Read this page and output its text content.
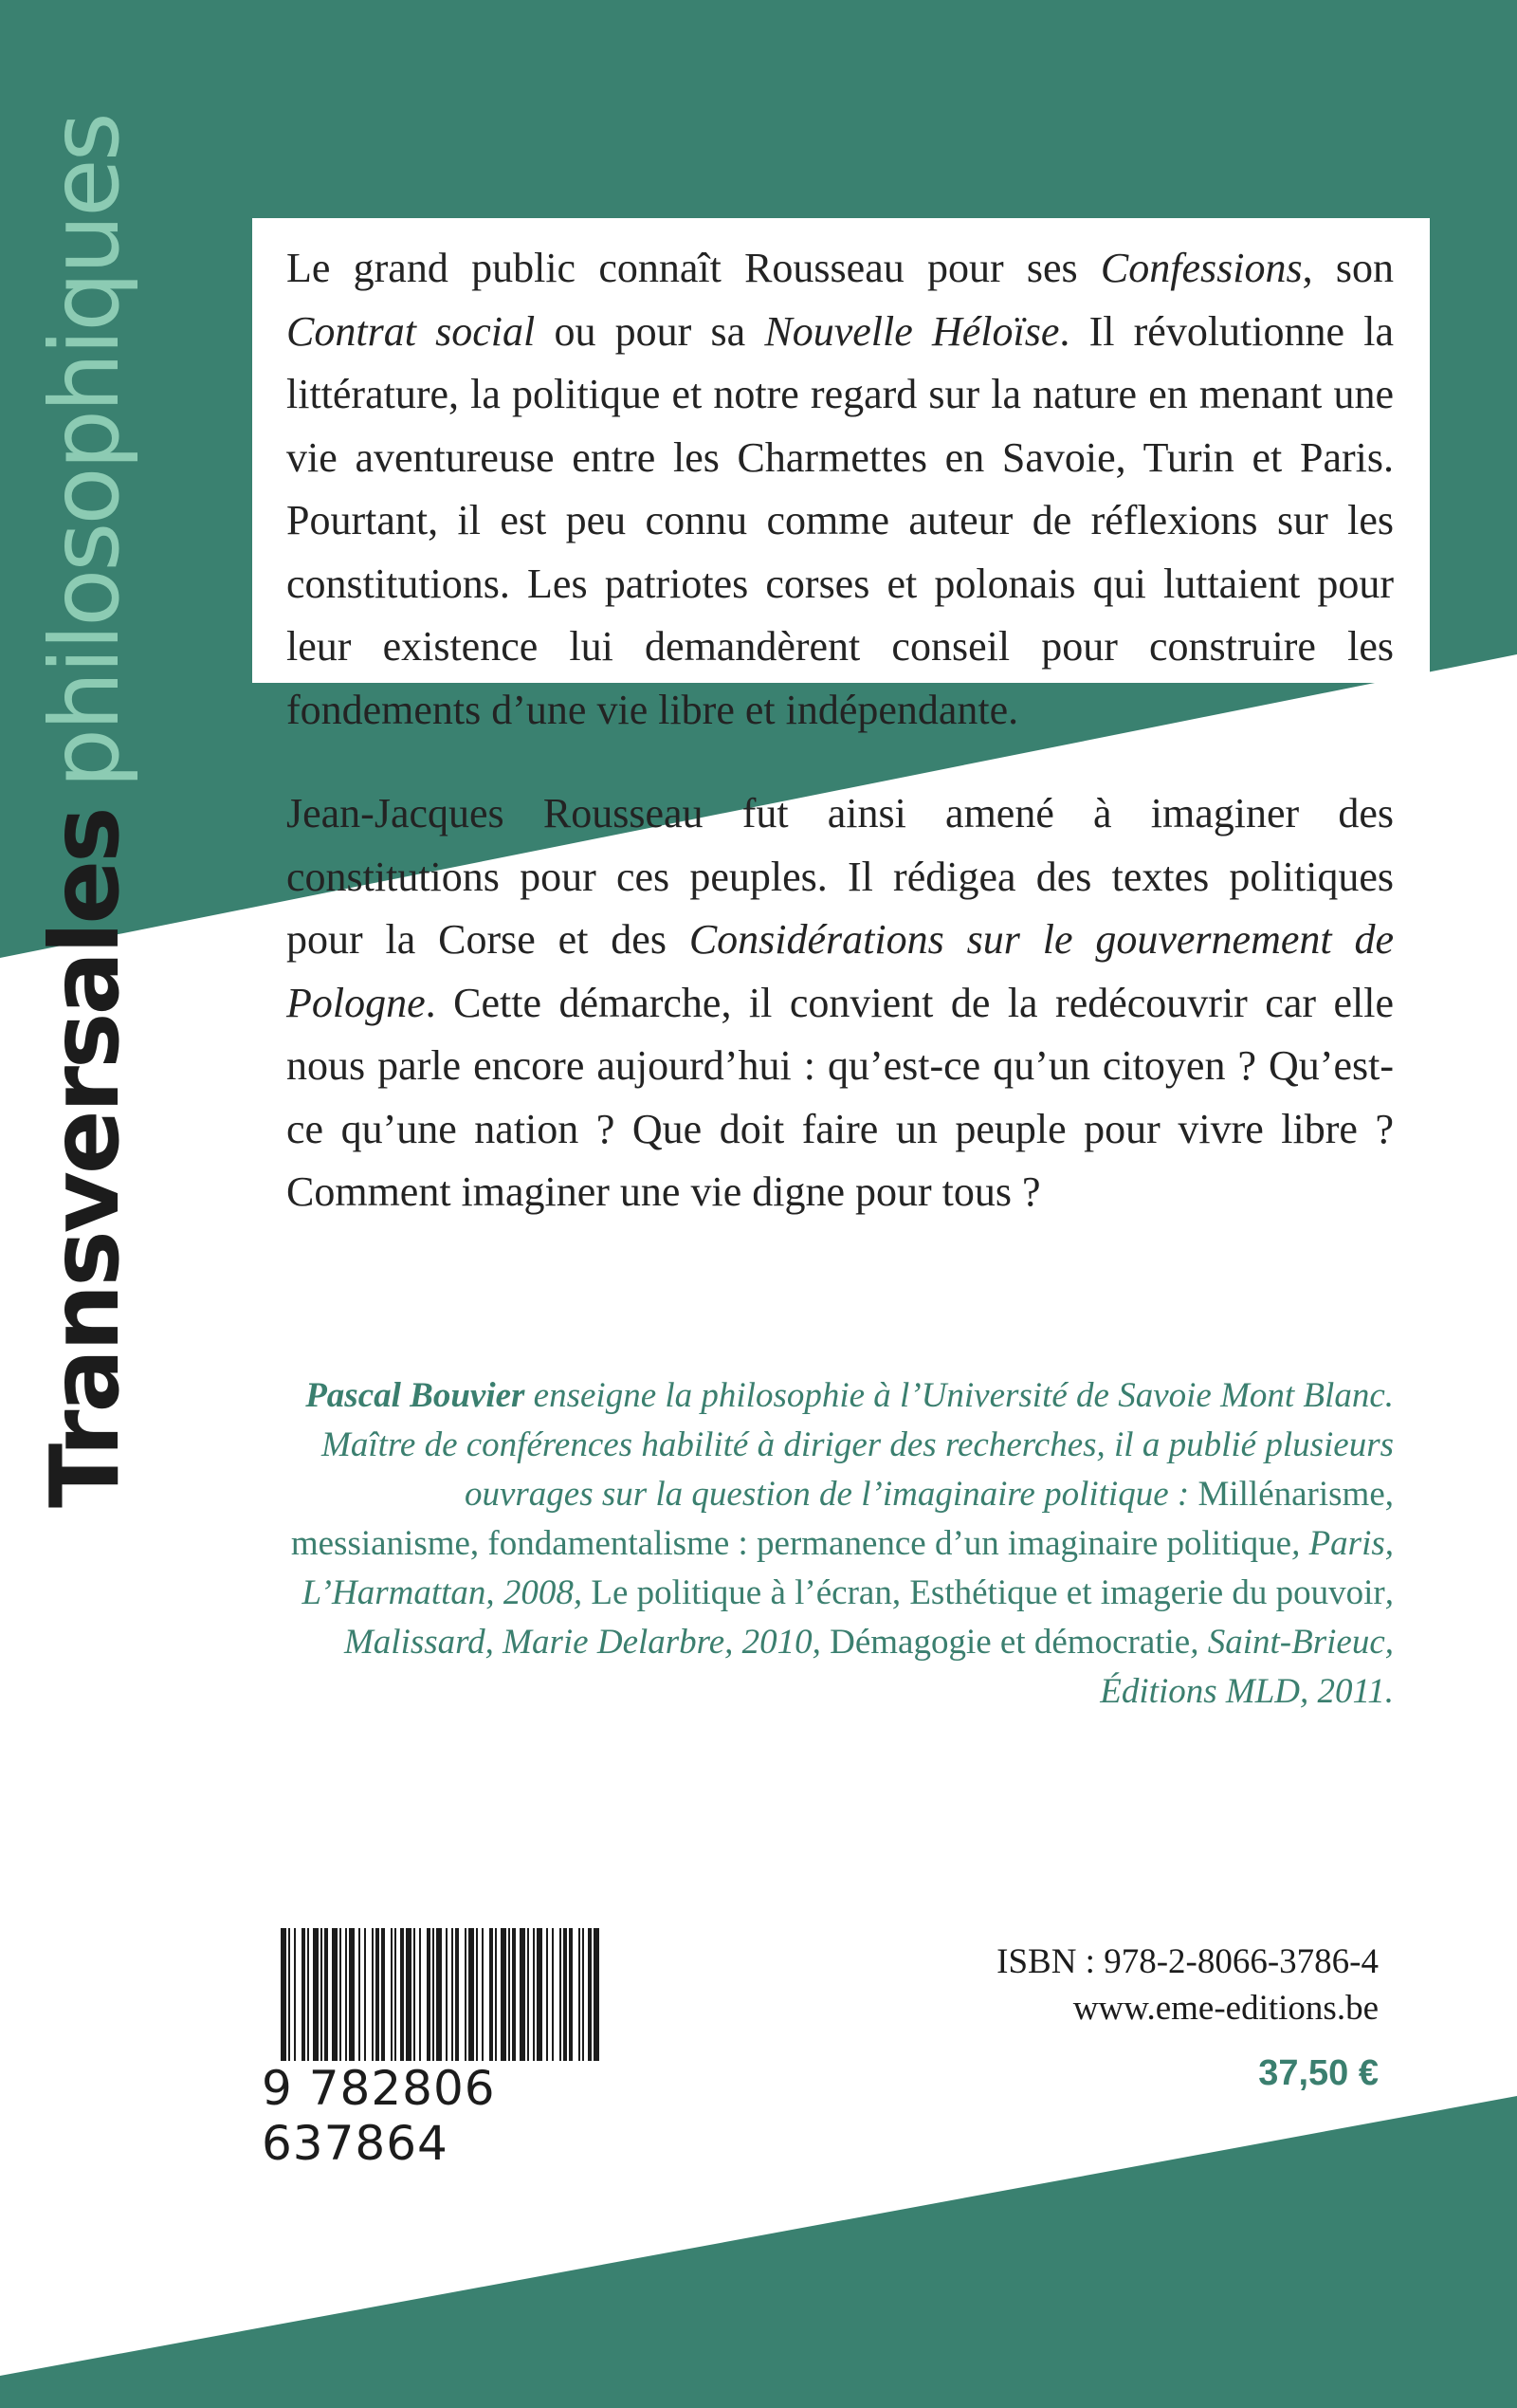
Transversalesphilosophiques	Le grand public connaît Rousseau pour ses Confessions, son Contrat social ou pour sa Nouvelle Héloïse. Il révolutionne la littérature, la politique et notre regard sur la nature en menant une vie aventureuse entre les Charmettes en Savoie, Turin et Paris. Pourtant, il est peu connu comme auteur de réflexions sur les constitutions. Les patriotes corses et polonais qui luttaient pour leur existence lui demandèrent conseil pour construire les fondements d’une vie libre et indépendante.

Jean-Jacques Rousseau fut ainsi amené à imaginer des constitutions pour ces peuples. Il rédigea des textes politiques pour la Corse et des Considérations sur le gouvernement de Pologne. Cette démarche, il convient de la redécouvrir car elle nous parle encore aujourd’hui : qu’est-ce qu’un citoyen ? Qu’est-ce qu’une nation ? Que doit faire un peuple pour vivre libre ? Comment imaginer une vie digne pour tous ?

Pascal Bouvier enseigne la philosophie à l’Université de Savoie Mont Blanc. Maître de conférences habilité à diriger des recherches, il a publié plusieurs ouvrages sur la question de l’imaginaire politique : Millénarisme, messianisme, fondamentalisme : permanence d’un imaginaire politique, Paris, L’Harmattan, 2008, Le politique à l’écran, Esthétique et imagerie du pouvoir, Malissard, Marie Delarbre, 2010, Démagogie et démocratie, Saint-Brieuc, Éditions MLD, 2011.

9 782806 637864
ISBN : 978-2-8066-3786-4
www.eme-editions.be
37,50 €
